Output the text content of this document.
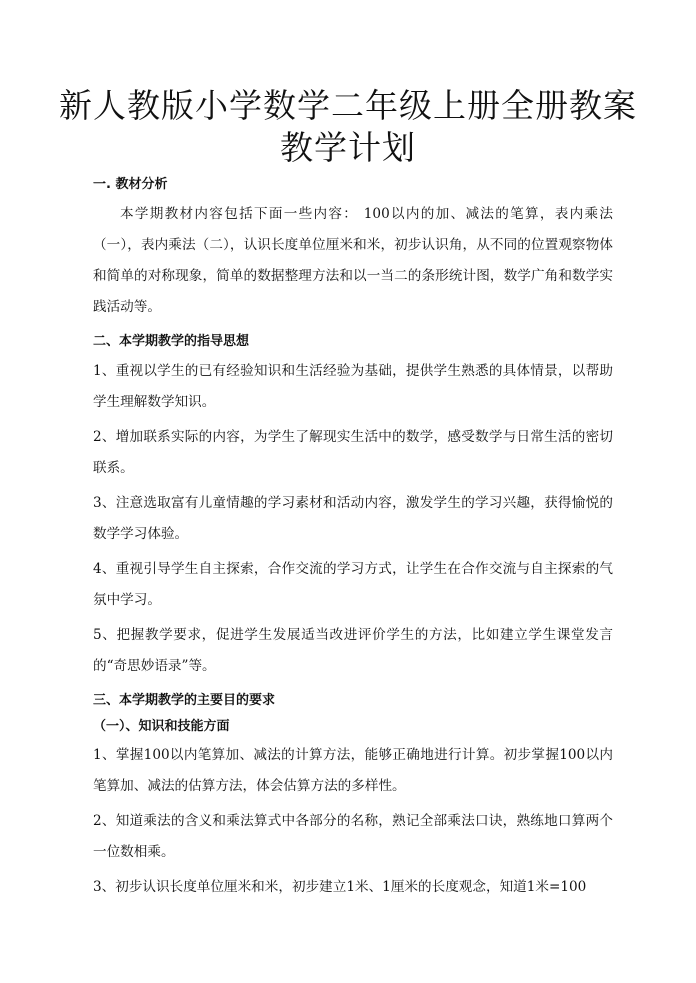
新人教版小学数学二年级上册全册教案
教学计划

一. 教材分析

本学期教材内容包括下面一些内容： 100以内的加、减法的笔算，表内乘法（一），表内乘法（二），认识长度单位厘米和米，初步认识角，从不同的位置观察物体和简单的对称现象，简单的数据整理方法和以一当二的条形统计图，数学广角和数学实践活动等。

二、本学期教学的指导思想

1、重视以学生的已有经验知识和生活经验为基础，提供学生熟悉的具体情景，以帮助学生理解数学知识。

2、增加联系实际的内容，为学生了解现实生活中的数学，感受数学与日常生活的密切联系。

3、注意选取富有儿童情趣的学习素材和活动内容，激发学生的学习兴趣，获得愉悦的数学学习体验。

4、重视引导学生自主探索，合作交流的学习方式，让学生在合作交流与自主探索的气氛中学习。

5、把握教学要求，促进学生发展适当改进评价学生的方法，比如建立学生课堂发言的“奇思妙语录”等。

三、本学期教学的主要目的要求

（一）、知识和技能方面

1、掌握100以内笔算加、减法的计算方法，能够正确地进行计算。初步掌握100以内笔算加、减法的估算方法，体会估算方法的多样性。

2、知道乘法的含义和乘法算式中各部分的名称，熟记全部乘法口诀，熟练地口算两个一位数相乘。

3、初步认识长度单位厘米和米，初步建立1米、1厘米的长度观念，知道1米=100
